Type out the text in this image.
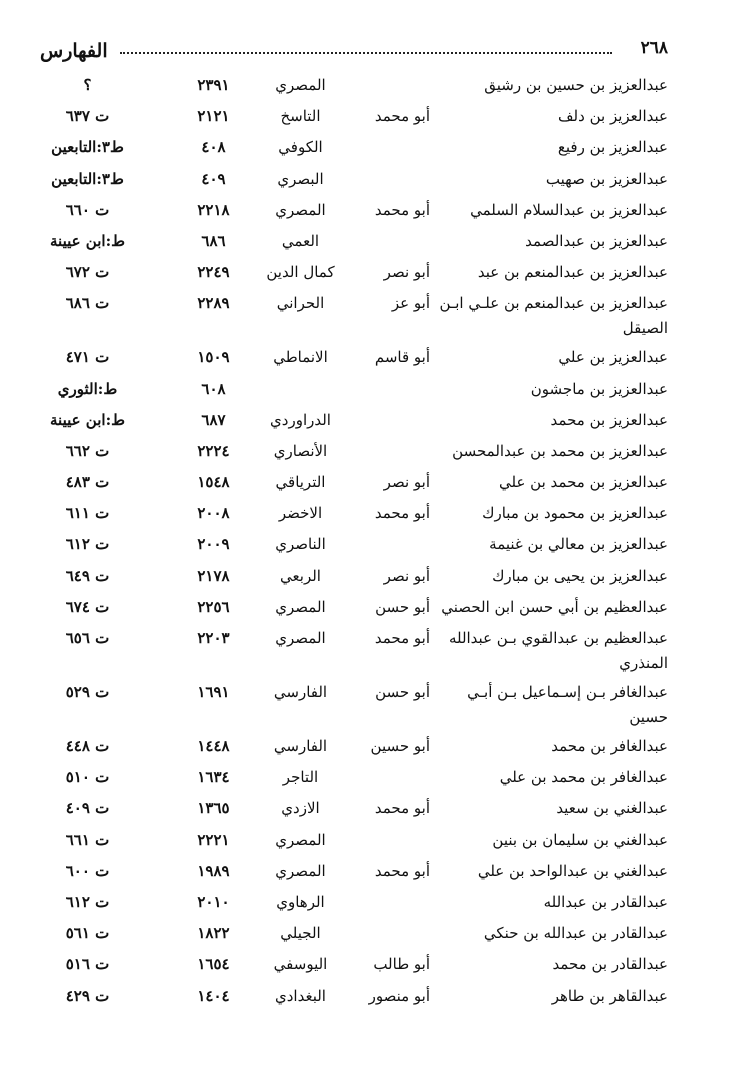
٢٦٨
الفهارس
عبدالعزيز بن حسين بن رشيق
المصري
٢٣٩١
؟
عبدالعزيز بن دلف
أبو محمد
التاسخ
٢١٢١
ت ٦٣٧
عبدالعزيز بن رفيع
الكوفي
٤٠٨
ط٣:التابعين
عبدالعزيز بن صهيب
البصري
٤٠٩
ط٣:التابعين
عبدالعزيز بن عبدالسلام السلمي
أبو محمد
المصري
٢٢١٨
ت ٦٦٠
عبدالعزيز بن عبدالصمد
العمي
٦٨٦
ط:ابن عيينة
عبدالعزيز بن عبدالمنعم بن عبد
أبو نصر
كمال الدين
٢٢٤٩
ت ٦٧٢
عبدالعزيز بن عبدالمنعم بن علـي ابـن
أبو عز
الحراني
٢٢٨٩
ت ٦٨٦
الصيقل
عبدالعزيز بن علي
أبو قاسم
الانماطي
١٥٠٩
ت ٤٧١
عبدالعزيز بن ماجشون
٦٠٨
ط:الثوري
عبدالعزيز بن محمد
الدراوردي
٦٨٧
ط:ابن عيينة
عبدالعزيز بن محمد بن عبدالمحسن
الأنصاري
٢٢٢٤
ت ٦٦٢
عبدالعزيز بن محمد بن علي
أبو نصر
الترياقي
١٥٤٨
ت ٤٨٣
عبدالعزيز بن محمود بن مبارك
أبو محمد
الاخضر
٢٠٠٨
ت ٦١١
عبدالعزيز بن معالي بن غنيمة
الناصري
٢٠٠٩
ت ٦١٢
عبدالعزيز بن يحيى بن مبارك
أبو نصر
الربعي
٢١٧٨
ت ٦٤٩
عبدالعظيم بن أبي حسن ابن الحصني
أبو حسن
المصري
٢٢٥٦
ت ٦٧٤
عبدالعظيم بن عبدالقوي بـن عبدالله
أبو محمد
المصري
٢٢٠٣
ت ٦٥٦
المنذري
عبدالغافر بـن إسـماعيل بـن أبـي
أبو حسن
الفارسي
١٦٩١
ت ٥٢٩
حسين
عبدالغافر بن محمد
أبو حسين
الفارسي
١٤٤٨
ت ٤٤٨
عبدالغافر بن محمد بن علي
التاجر
١٦٣٤
ت ٥١٠
عبدالغني بن سعيد
أبو محمد
الازدي
١٣٦٥
ت ٤٠٩
عبدالغني بن سليمان بن بنين
المصري
٢٢٢١
ت ٦٦١
عبدالغني بن عبدالواحد بن علي
أبو محمد
المصري
١٩٨٩
ت ٦٠٠
عبدالقادر بن عبدالله
الرهاوي
٢٠١٠
ت ٦١٢
عبدالقادر بن عبدالله بن حنكي
الجيلي
١٨٢٢
ت ٥٦١
عبدالقادر بن محمد
أبو طالب
اليوسفي
١٦٥٤
ت ٥١٦
عبدالقاهر بن طاهر
أبو منصور
البغدادي
١٤٠٤
ت ٤٢٩
